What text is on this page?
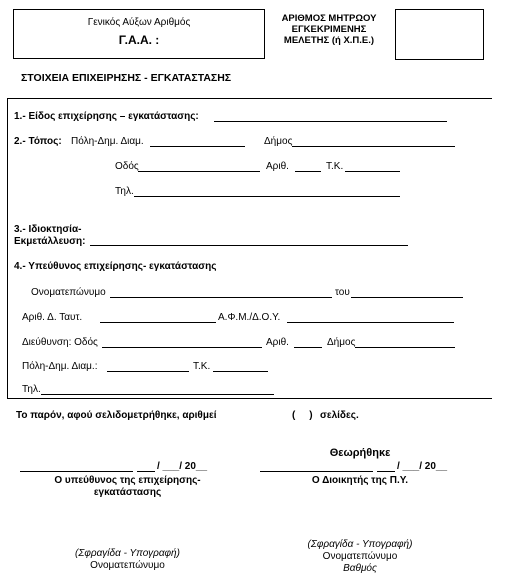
Γενικός Αύξων Αριθμός
Γ.Α.Α. :
ΑΡΙΘΜΟΣ ΜΗΤΡΩΟΥ
ΕΓΚΕΚΡΙΜΕΝΗΣ
ΜΕΛΕΤΗΣ (ή Χ.Π.Ε.)
ΣΤΟΙΧΕΙΑ ΕΠΙΧΕΙΡΗΣΗΣ - ΕΓΚΑΤΑΣΤΑΣΗΣ
1.- Είδος επιχείρησης – εγκατάστασης:
2.- Τόπος: Πόλη-Δημ. Διαμ.	Δήμος
Οδός	Αριθ.	Τ.Κ.
Τηλ.
3.- Ιδιοκτησία-
Εκμετάλλευση:
4.- Υπεύθυνος επιχείρησης- εγκατάστασης
Ονοματεπώνυμο	του
Αριθ. Δ. Ταυτ.	Α.Φ.Μ./Δ.Ο.Υ.
Διεύθυνση: Οδός	Αριθ.	Δήμος
Πόλη-Δημ. Διαμ.:	Τ.Κ.
Τηλ.
Το παρόν, αφού σελιδομετρήθηκε, αριθμεί	(     ) σελίδες.
/ ___/ 20__
Ο υπεύθυνος της επιχείρησης-
εγκατάστασης
(Σφραγίδα - Υπογραφή)
Ονοματεπώνυμο
Θεωρήθηκε
/ ___/ 20__
Ο Διοικητής της Π.Υ.
(Σφραγίδα - Υπογραφή)
Ονοματεπώνυμο
Βαθμός
